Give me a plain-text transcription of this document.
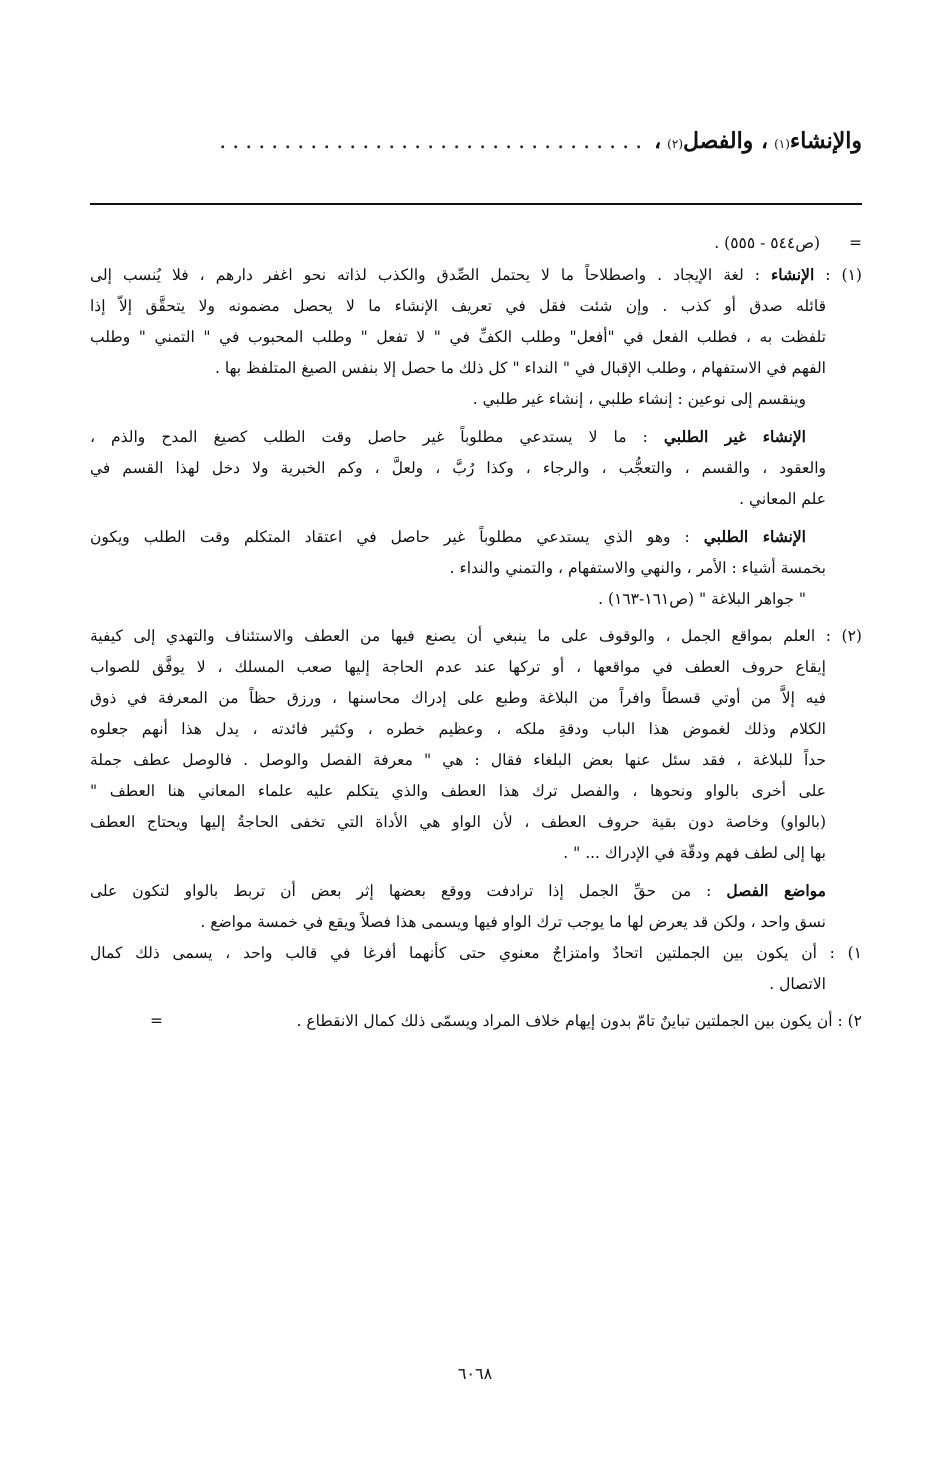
والإنشاء
(١)
، والفصل
(٢)
،
.................................
= (ص٥٤٤ - ٥٥٥) .
(١) : الإنشاء : لغة الإيجاد . واصطلاحاً ما لا يحتمل الصِّدق والكذب لذاته نحو اغفر دارهم ، فلا يُنسب إلى
قائله صدق أو كذب . وإن شئت فقل في تعريف الإنشاء ما لا يحصل مضمونه ولا يتحقَّق إلاّ إذا
تلفظت به ، فطلب الفعل في "أفعل" وطلب الكفِّ في " لا تفعل " وطلب المحبوب في " التمني " وطلب
الفهم في الاستفهام ، وطلب الإقبال في " النداء " كل ذلك ما حصل إلا بنفس الصيغ المتلفظ بها .
وينقسم إلى نوعين : إنشاء طلبي ، إنشاء غير طلبي .
الإنشاء غير الطلبي : ما لا يستدعي مطلوباً غير حاصل وقت الطلب كصيغ المدح والذم ،
والعقود ، والقسم ، والتعجُّب ، والرجاء ، وكذا رُبَّ ، ولعلَّ ، وكم الخبرية ولا دخل لهذا القسم في
علم المعاني .
الإنشاء الطلبي : وهو الذي يستدعي مطلوباً غير حاصل في اعتقاد المتكلم وقت الطلب ويكون
بخمسة أشياء : الأمر ، والنهي والاستفهام ، والتمني والنداء .
" جواهر البلاغة " (ص١٦١-١٦٣) .
(٢) : العلم بمواقع الجمل ، والوقوف على ما ينبغي أن يصنع فيها من العطف والاستئناف والتهدي إلى كيفية
إيقاع حروف العطف في مواقعها ، أو تركها عند عدم الحاجة إليها صعب المسلك ، لا يوفَّق للصواب
فيه إلاَّ من أوتي قسطاً وافراً من البلاغة وطبع على إدراك محاسنها ، ورزق حظاً من المعرفة في ذوق
الكلام وذلك لغموض هذا الباب ودقةِ ملكه ، وعظيم خطره ، وكثير فائدته ، يدل هذا أنهم جعلوه
حداً للبلاغة ، فقد سئل عنها بعض البلغاء فقال : هي " معرفة الفصل والوصل . فالوصل عطف جملة
على أخرى بالواو ونحوها ، والفصل ترك هذا العطف والذي يتكلم عليه علماء المعاني هنا العطف "
(بالواو) وخاصة دون بقية حروف العطف ، لأن الواو هي الأداة التي تخفى الحاجةُ إليها ويحتاج العطف
بها إلى لطف فهم ودقّة في الإدراك ... " .
مواضع الفصل : من حقِّ الجمل إذا ترادفت ووقع بعضها إثر بعض أن تربط بالواو لتكون على
نسق واحد ، ولكن قد يعرض لها ما يوجب ترك الواو فيها ويسمى هذا فصلاً ويقع في خمسة مواضع .
١) : أن يكون بين الجملتين اتحادٌ وامتزاجٌ معنوي حتى كأنهما أفرغا في قالب واحد ، يسمى ذلك كمال
الاتصال .
٢) : أن يكون بين الجملتين تباينٌ تامّ بدون إيهام خلاف المراد ويسمّى ذلك كمال الانقطاع .
=
٦٠٦٨
